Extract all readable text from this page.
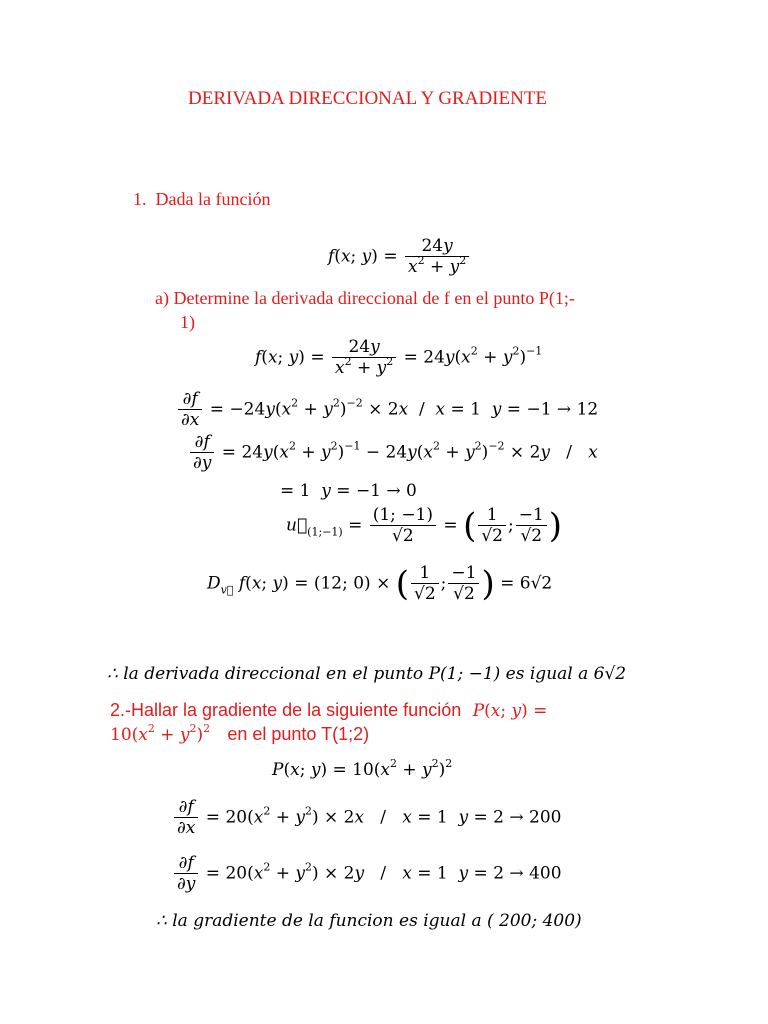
DERIVADA DIRECCIONAL Y GRADIENTE
1. Dada la función
f(x; $y) = \frac{24y}{x^2 + y^2}$
a) Determine la derivada direccional de f en el punto P(1;-
1)
f(x; $y) = \frac{24y}{x^2 + y^2} = 24y(x^2 + y^2)^{-1}$
$\frac{\partial f}{\partial x} = -24y(x^2 + y^2)^{-2} \times 2x / x = 1$  y = −1 → 12
$\frac{\partial f}{\partial y} = 24y(x^2 + y^2)^{-1} - 24y(x^2 + y^2)^{-2} \times 2y / x$
= 1  y = −1 → 0
$u⃗_{(1;-1)} = \frac{(1; -1)}{√2}$ = ( $\frac{1}{√2}$ ; $\frac{-1}{√2}$ )
$D_{v⃗}$ f(x; y) = (12; 0) × ( $\frac{1}{√2}$ ; $\frac{-1}{√2}$ ) = 6√2
∴ la derivada direccional en el punto P(1; −1) es igual a 6√2
2.-Hallar la gradiente de la siguiente función P(x; y) =
$10(x^2 + y^2)^2$ en el punto T(1;2)
P(x; $y) = 10(x^2 + y^2)^2$
$\frac{\partial f}{\partial x} = 20(x^2 + y^2) \times 2x / x = 1$  y = 2 → 200
$\frac{\partial f}{\partial y} = 20(x^2 + y^2) \times 2y / x = 1$  y = 2 → 400
∴ la gradiente de la funcion es igual a ( 200; 400)
